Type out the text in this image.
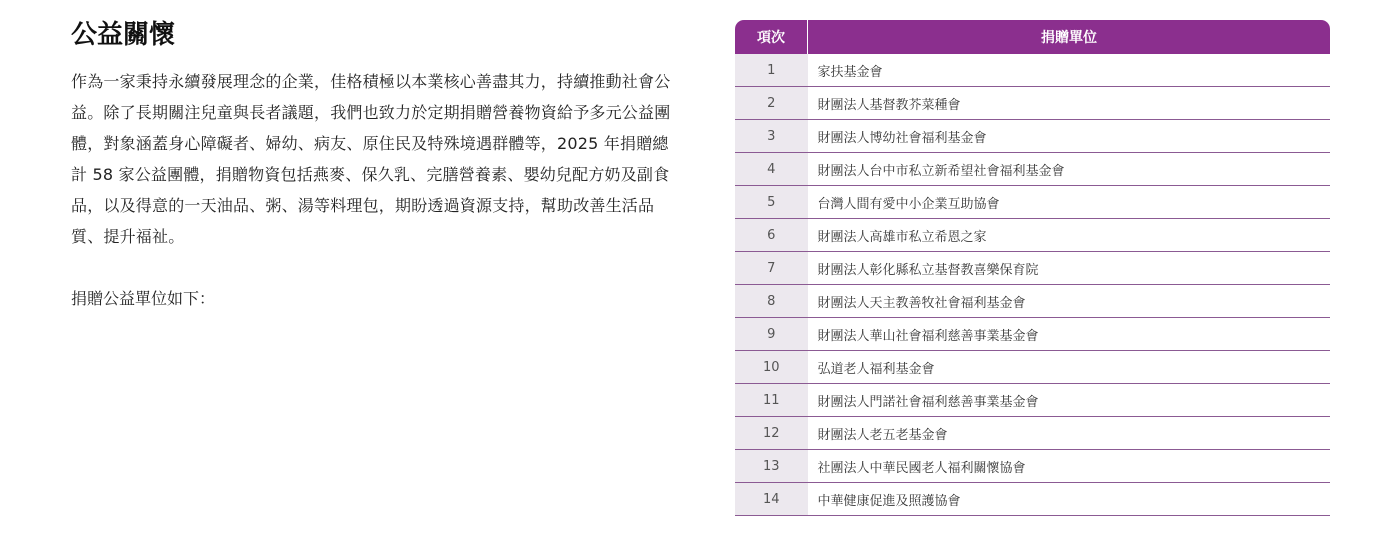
公益關懷

作為一家秉持永續發展理念的企業，佳格積極以本業核心善盡其力，持續推動社會公益。除了長期關注兒童與長者議題，我們也致力於定期捐贈營養物資給予多元公益團體，對象涵蓋身心障礙者、婦幼、病友、原住民及特殊境遇群體等，2025 年捐贈總計 58 家公益團體，捐贈物資包括燕麥、保久乳、完膳營養素、嬰幼兒配方奶及副食品，以及得意的一天油品、粥、湯等料理包，期盼透過資源支持，幫助改善生活品質、提升福祉。

捐贈公益單位如下：

項次	捐贈單位
1	家扶基金會
2	財團法人基督教芥菜種會
3	財團法人博幼社會福利基金會
4	財團法人台中市私立新希望社會福利基金會
5	台灣人間有愛中小企業互助協會
6	財團法人高雄市私立希恩之家
7	財團法人彰化縣私立基督教喜樂保育院
8	財團法人天主教善牧社會福利基金會
9	財團法人華山社會福利慈善事業基金會
10	弘道老人福利基金會
11	財團法人門諾社會福利慈善事業基金會
12	財團法人老五老基金會
13	社團法人中華民國老人福利關懷協會
14	中華健康促進及照護協會
